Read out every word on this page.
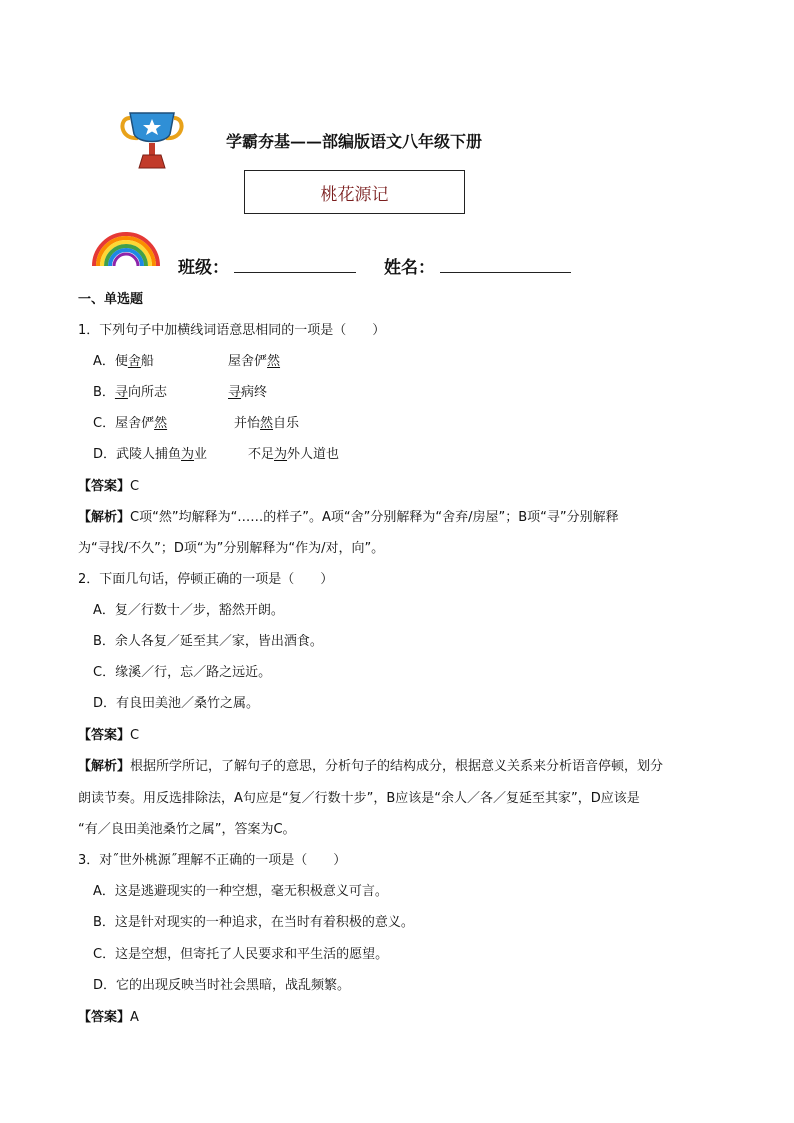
学霸夯基——部编版语文八年级下册
桃花源记
班级：	姓名：
一、单选题
1．下列句子中加横线词语意思相同的一项是（　　）
A．便舍船	屋舍俨然
B．寻向所志	寻病终
C．屋舍俨然	并怡然自乐
D．武陵人捕鱼为业	不足为外人道也
【答案】C
【解析】C项“然”均解释为“……的样子”。A项“舍”分别解释为“舍弃/房屋”；B项“寻”分别解释
为“寻找/不久”；D项“为”分别解释为“作为/对，向”。
2．下面几句话，停顿正确的一项是（　　）
A．复／行数十／步，豁然开朗。
B．余人各复／延至其／家，皆出酒食。
C．缘溪／行，忘／路之远近。
D．有良田美池／桑竹之属。
【答案】C
【解析】根据所学所记，了解句子的意思，分析句子的结构成分，根据意义关系来分析语音停顿，划分
朗读节奏。用反选排除法，A句应是“复／行数十步”，B应该是“余人／各／复延至其家”，D应该是
“有／良田美池桑竹之属”，答案为C。
3．对˝世外桃源˝理解不正确的一项是（　　）
A．这是逃避现实的一种空想，毫无积极意义可言。
B．这是针对现实的一种追求，在当时有着积极的意义。
C．这是空想，但寄托了人民要求和平生活的愿望。
D．它的出现反映当时社会黑暗，战乱频繁。
【答案】A
